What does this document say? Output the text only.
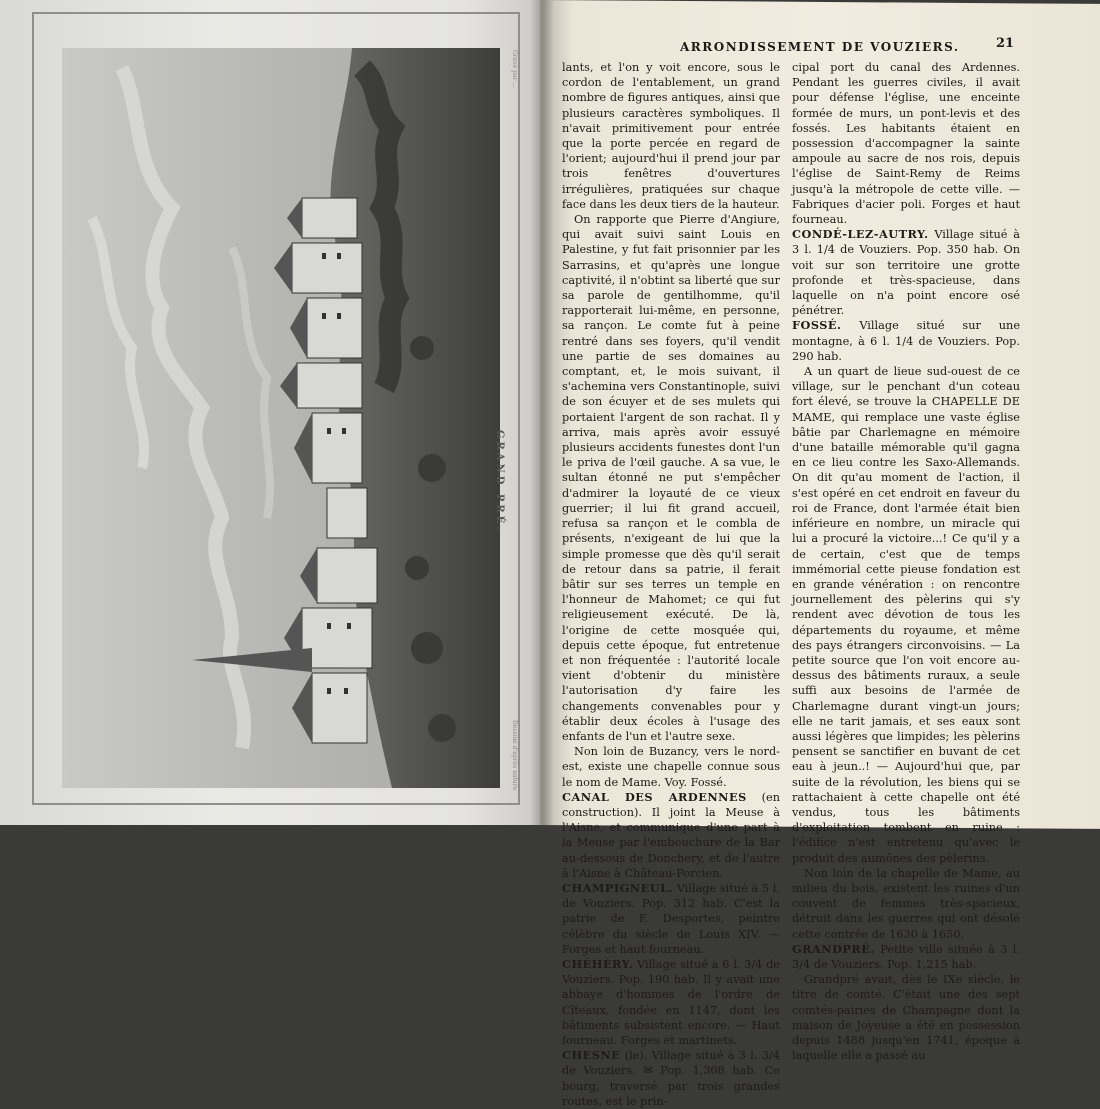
GRAND PRÉ.
Gravé par ...
Dessiné d'après nature
ARRONDISSEMENT DE VOUZIERS.	21

lants, et l'on y voit encore, sous le cordon de l'entablement, un grand nombre de figures antiques, ainsi que plusieurs caractères symboliques. Il n'avait primitivement pour entrée que la porte percée en regard de l'orient; aujourd'hui il prend jour par trois fenêtres d'ouvertures irrégulières, pratiquées sur chaque face dans les deux tiers de la hauteur.

On rapporte que Pierre d'Angiure, qui avait suivi saint Louis en Palestine, y fut fait prisonnier par les Sarrasins, et qu'après une longue captivité, il n'obtint sa liberté que sur sa parole de gentilhomme, qu'il rapporterait lui-même, en personne, sa rançon. Le comte fut à peine rentré dans ses foyers, qu'il vendit une partie de ses domaines au comptant, et, le mois suivant, il s'achemina vers Constantinople, suivi de son écuyer et de ses mulets qui portaient l'argent de son rachat. Il y arriva, mais après avoir essuyé plusieurs accidents funestes dont l'un le priva de l'œil gauche. A sa vue, le sultan étonné ne put s'empêcher d'admirer la loyauté de ce vieux guerrier; il lui fit grand accueil, refusa sa rançon et le combla de présents, n'exigeant de lui que la simple promesse que dès qu'il serait de retour dans sa patrie, il ferait bâtir sur ses terres un temple en l'honneur de Mahomet; ce qui fut religieusement exécuté. De là, l'origine de cette mosquée qui, depuis cette époque, fut entretenue et non fréquentée : l'autorité locale vient d'obtenir du ministère l'autorisation d'y faire les changements convenables pour y établir deux écoles à l'usage des enfants de l'un et l'autre sexe.

Non loin de Buzancy, vers le nord-est, existe une chapelle connue sous le nom de Mame. Voy. Fossé.

CANAL DES ARDENNES (en construction). Il joint la Meuse à l'Aisne, et communique d'une part à la Meuse par l'embouchure de la Bar au-dessous de Donchery, et de l'autre à l'Aisne à Château-Porcien.

CHAMPIGNEUL. Village situé à 5 l. de Vouziers. Pop. 312 hab. C'est la patrie de F. Desportes, peintre célèbre du siècle de Louis XIV. — Forges et haut fourneau.

CHÉHÉRY. Village situé à 6 l. 3/4 de Vouziers. Pop. 190 hab. Il y avait une abbaye d'hommes de l'ordre de Cîteaux, fondée en 1147, dont les bâtiments subsistent encore. — Haut fourneau. Forges et martinets.

CHESNE (le). Village situé à 3 l. 3/4 de Vouziers. ✉ Pop. 1,308 hab. Ce bourg, traversé par trois grandes routes, est le prin-

cipal port du canal des Ardennes. Pendant les guerres civiles, il avait pour défense l'église, une enceinte formée de murs, un pont-levis et des fossés. Les habitants étaient en possession d'accompagner la sainte ampoule au sacre de nos rois, depuis l'église de Saint-Remy de Reims jusqu'à la métropole de cette ville. — Fabriques d'acier poli. Forges et haut fourneau.

CONDÉ-LEZ-AUTRY. Village situé à 3 l. 1/4 de Vouziers. Pop. 350 hab. On voit sur son territoire une grotte profonde et très-spacieuse, dans laquelle on n'a point encore osé pénétrer.

FOSSÉ. Village situé sur une montagne, à 6 l. 1/4 de Vouziers. Pop. 290 hab.

A un quart de lieue sud-ouest de ce village, sur le penchant d'un coteau fort élevé, se trouve la CHAPELLE DE MAME, qui remplace une vaste église bâtie par Charlemagne en mémoire d'une bataille mémorable qu'il gagna en ce lieu contre les Saxo-Allemands. On dit qu'au moment de l'action, il s'est opéré en cet endroit en faveur du roi de France, dont l'armée était bien inférieure en nombre, un miracle qui lui a procuré la victoire...! Ce qu'il y a de certain, c'est que de temps immémorial cette pieuse fondation est en grande vénération : on rencontre journellement des pèlerins qui s'y rendent avec dévotion de tous les départements du royaume, et même des pays étrangers circonvoisins. — La petite source que l'on voit encore au-dessus des bâtiments ruraux, a seule suffi aux besoins de l'armée de Charlemagne durant vingt-un jours; elle ne tarit jamais, et ses eaux sont aussi légères que limpides; les pèlerins pensent se sanctifier en buvant de cet eau à jeun..! — Aujourd'hui que, par suite de la révolution, les biens qui se rattachaient à cette chapelle ont été vendus, tous les bâtiments d'exploitation tombent en ruine : l'édifice n'est entretenu qu'avec le produit des aumônes des pèlerins.

Non loin de la chapelle de Mame, au milieu du bois, existent les ruines d'un couvent de femmes très-spacieux, détruit dans les guerres qui ont désolé cette contrée de 1630 à 1650.

GRANDPRÉ. Petite ville située à 3 l. 3/4 de Vouziers. Pop. 1,215 hab.

Grandpré avait, dès le IXe siècle, le titre de comté. C'était une des sept comtés-pairies de Champagne dont la maison de Joyeuse a été en possession depuis 1488 jusqu'en 1741, époque à laquelle elle a passé au
